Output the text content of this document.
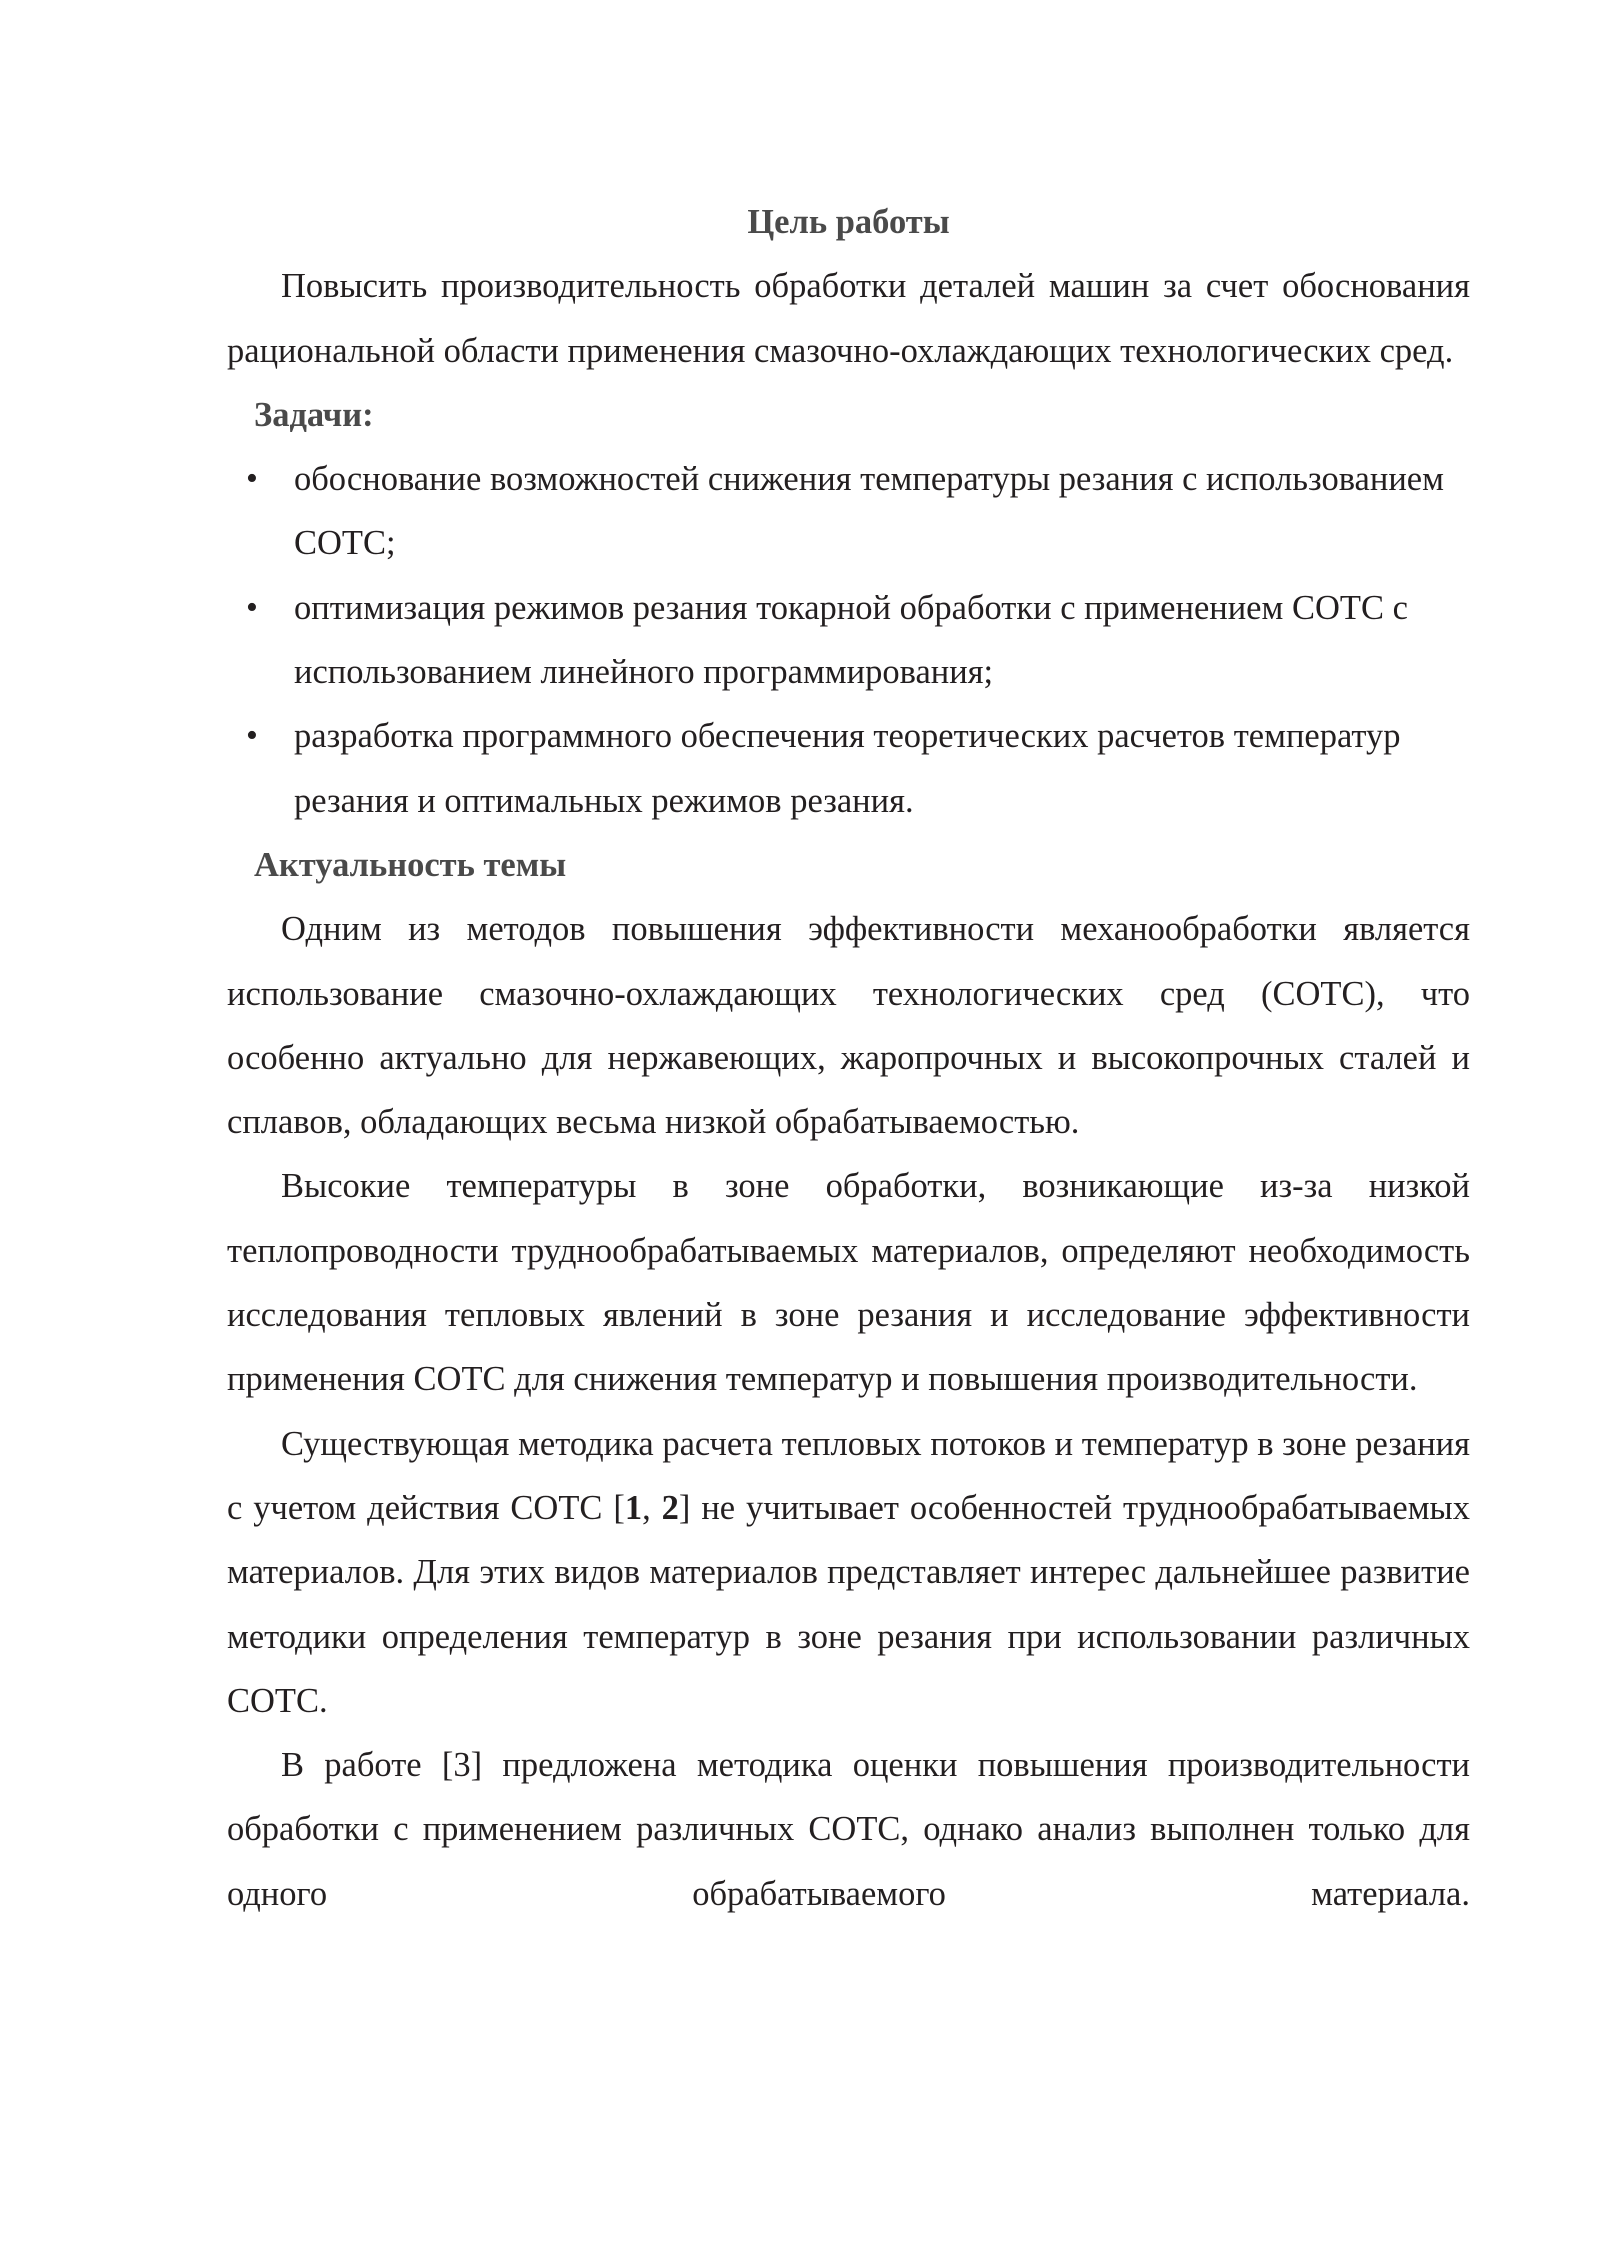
Цель работы

Повысить производительность обработки деталей машин за счет обоснования рациональной области применения смазочно-охлаждающих технологических сред.

Задачи:
• обоснование возможностей снижения температуры резания с использованием СОТС;
• оптимизация режимов резания токарной обработки с применением СОТС с использованием линейного программирования;
• разработка программного обеспечения теоретических расчетов температур резания и оптимальных режимов резания.
Актуальность темы

Одним из методов повышения эффективности механообработки является использование смазочно-охлаждающих технологических сред (СОТС), что особенно актуально для нержавеющих, жаропрочных и высокопрочных сталей и сплавов, обладающих весьма низкой обрабатываемостью.

Высокие температуры в зоне обработки, возникающие из-за низкой теплопроводности труднообрабатываемых материалов, определяют необходимость исследования тепловых явлений в зоне резания и исследование эффективности применения СОТС для снижения температур и повышения производительности.

Существующая методика расчета тепловых потоков и температур в зоне резания с учетом действия СОТС [1, 2] не учитывает особенностей труднообрабатываемых материалов. Для этих видов материалов представляет интерес дальнейшее развитие методики определения температур в зоне резания при использовании различных СОТС.

В работе [3] предложена методика оценки повышения производительности обработки с применением различных СОТС, однако анализ выполнен только для одного обрабатываемого материала.
